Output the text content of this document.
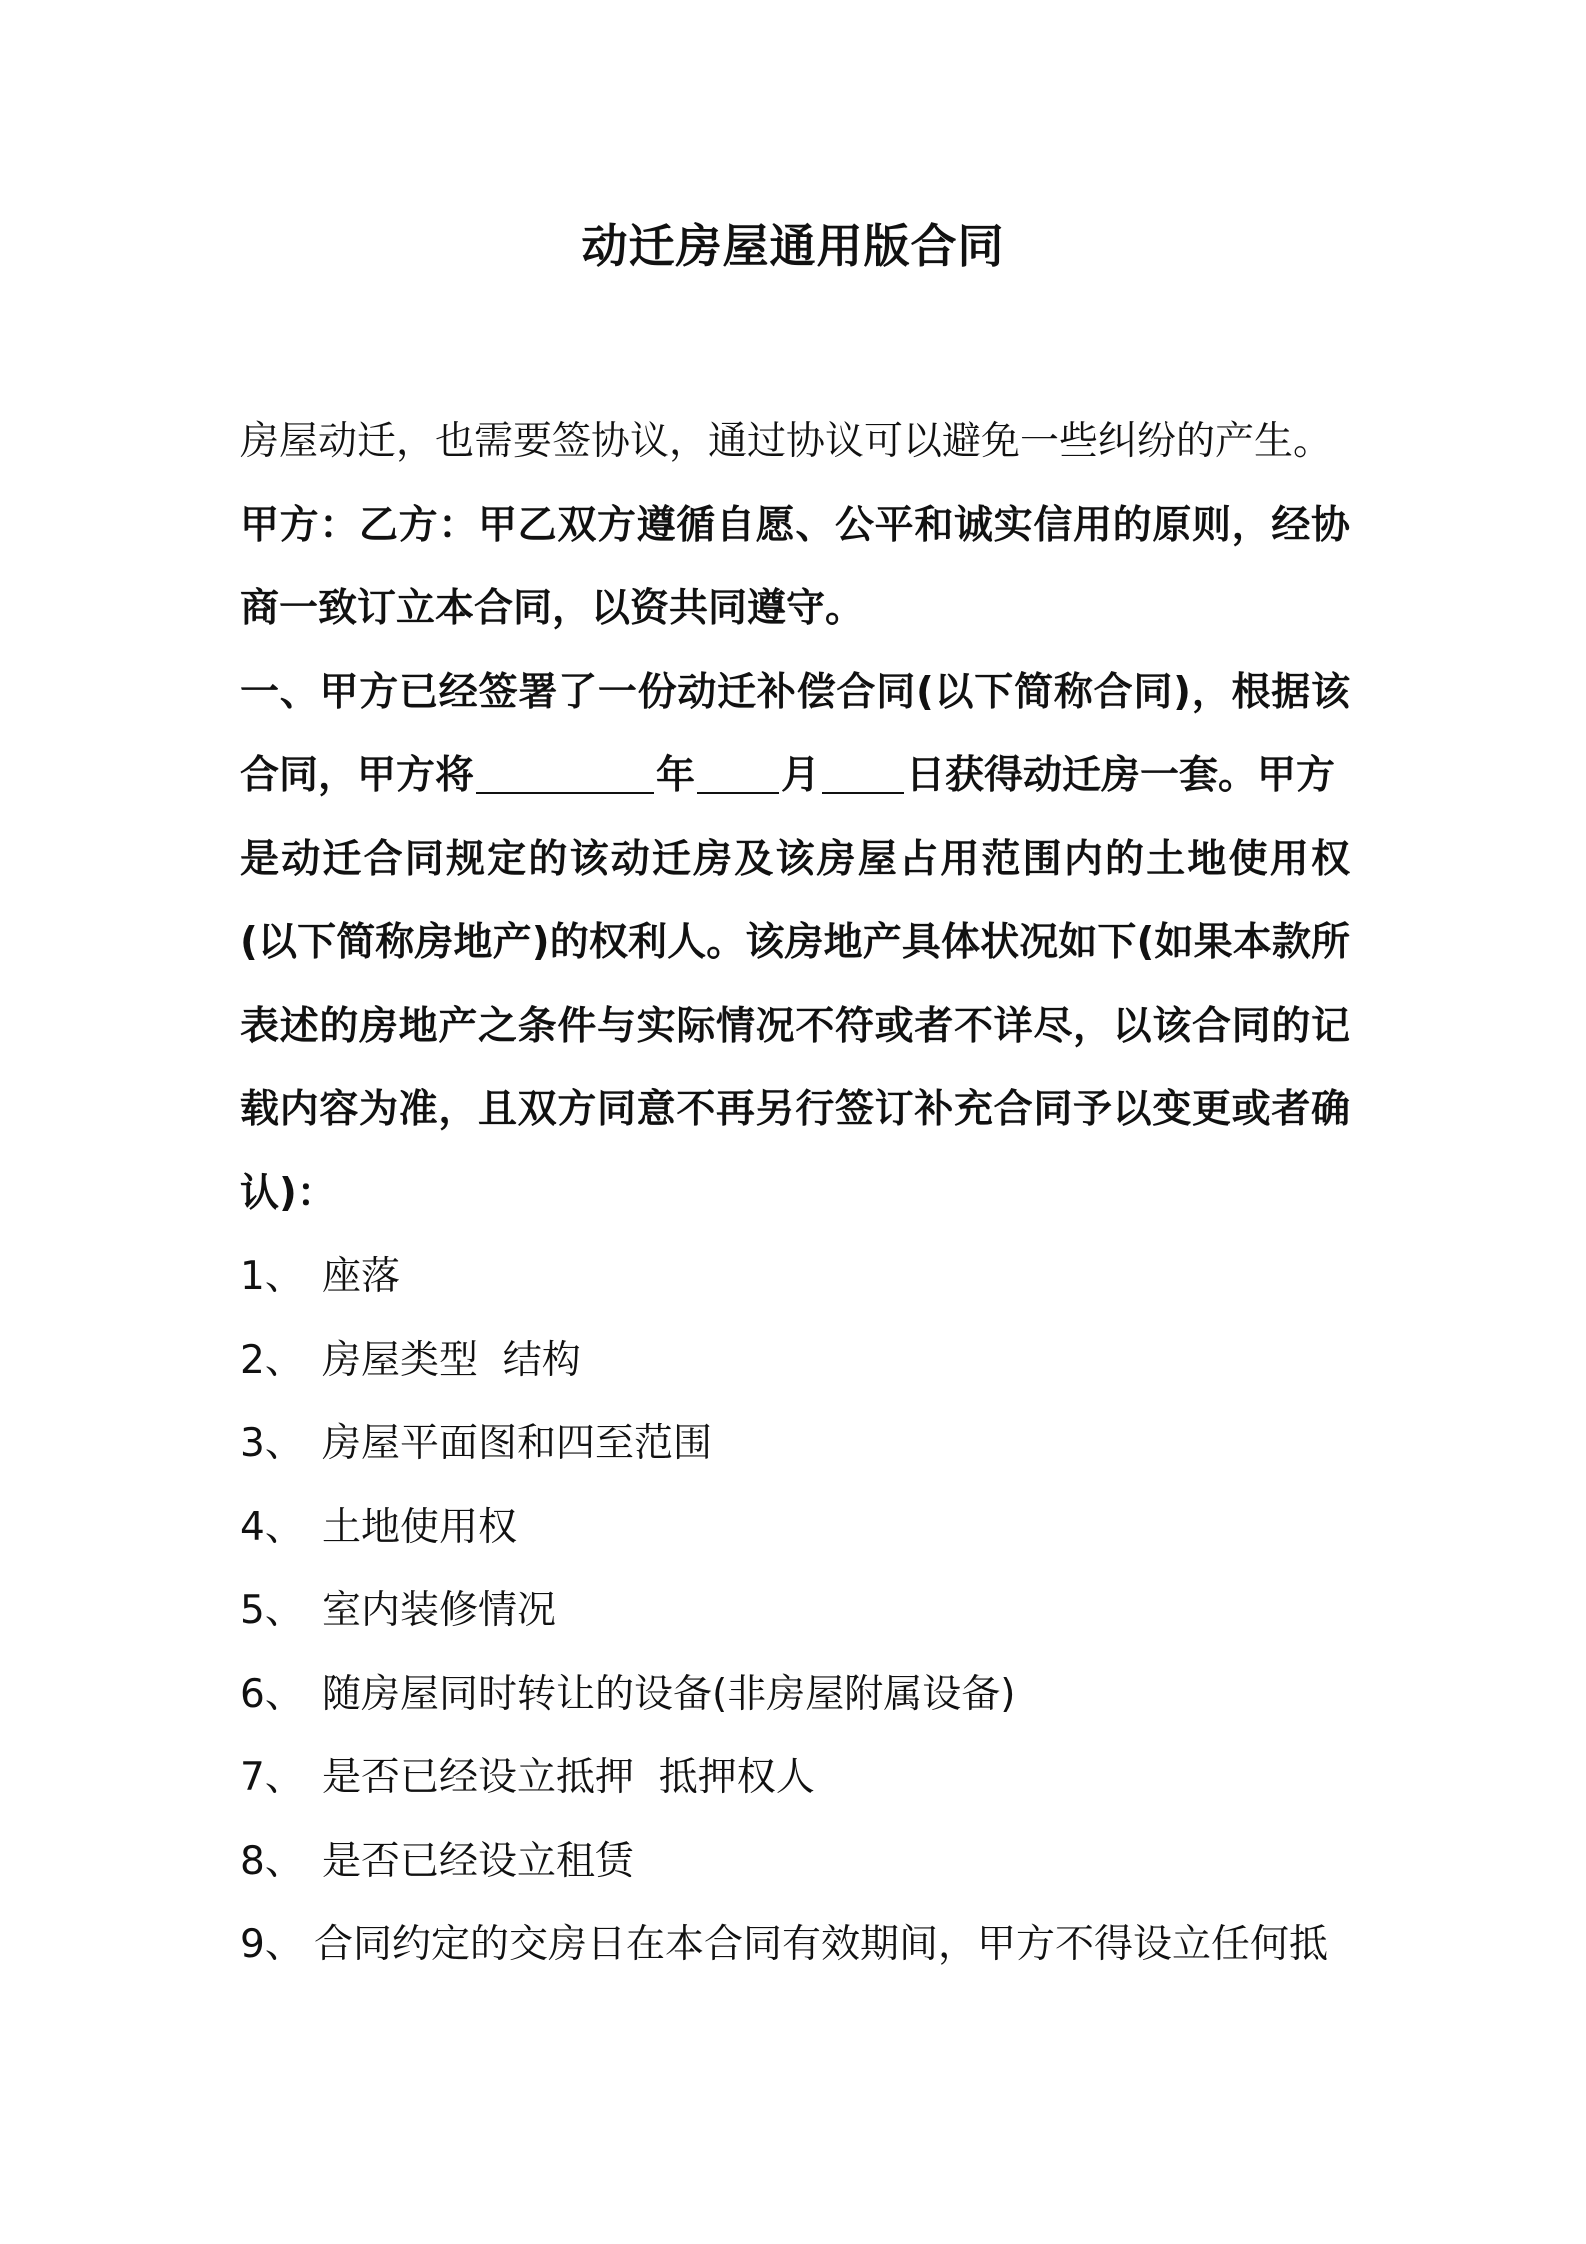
动迁房屋通用版合同
房屋动迁，也需要签协议，通过协议可以避免一些纠纷的产生。
甲方：乙方：甲乙双方遵循自愿、公平和诚实信用的原则，经协
商一致订立本合同，以资共同遵守。
一、甲方已经签署了一份动迁补偿合同(以下简称合同)，根据该
合同，甲方将	年 月 日获得动迁房一套。甲方
是动迁合同规定的该动迁房及该房屋占用范围内的土地使用权
(以下简称房地产)的权利人。该房地产具体状况如下(如果本款所
表述的房地产之条件与实际情况不符或者不详尽，以该合同的记
载内容为准，且双方同意不再另行签订补充合同予以变更或者确
认)：
1、 座落
2、 房屋类型  结构
3、 房屋平面图和四至范围
4、 土地使用权
5、 室内装修情况
6、 随房屋同时转让的设备(非房屋附属设备)
7、 是否已经设立抵押  抵押权人
8、 是否已经设立租赁
9、 合同约定的交房日在本合同有效期间，甲方不得设立任何抵
